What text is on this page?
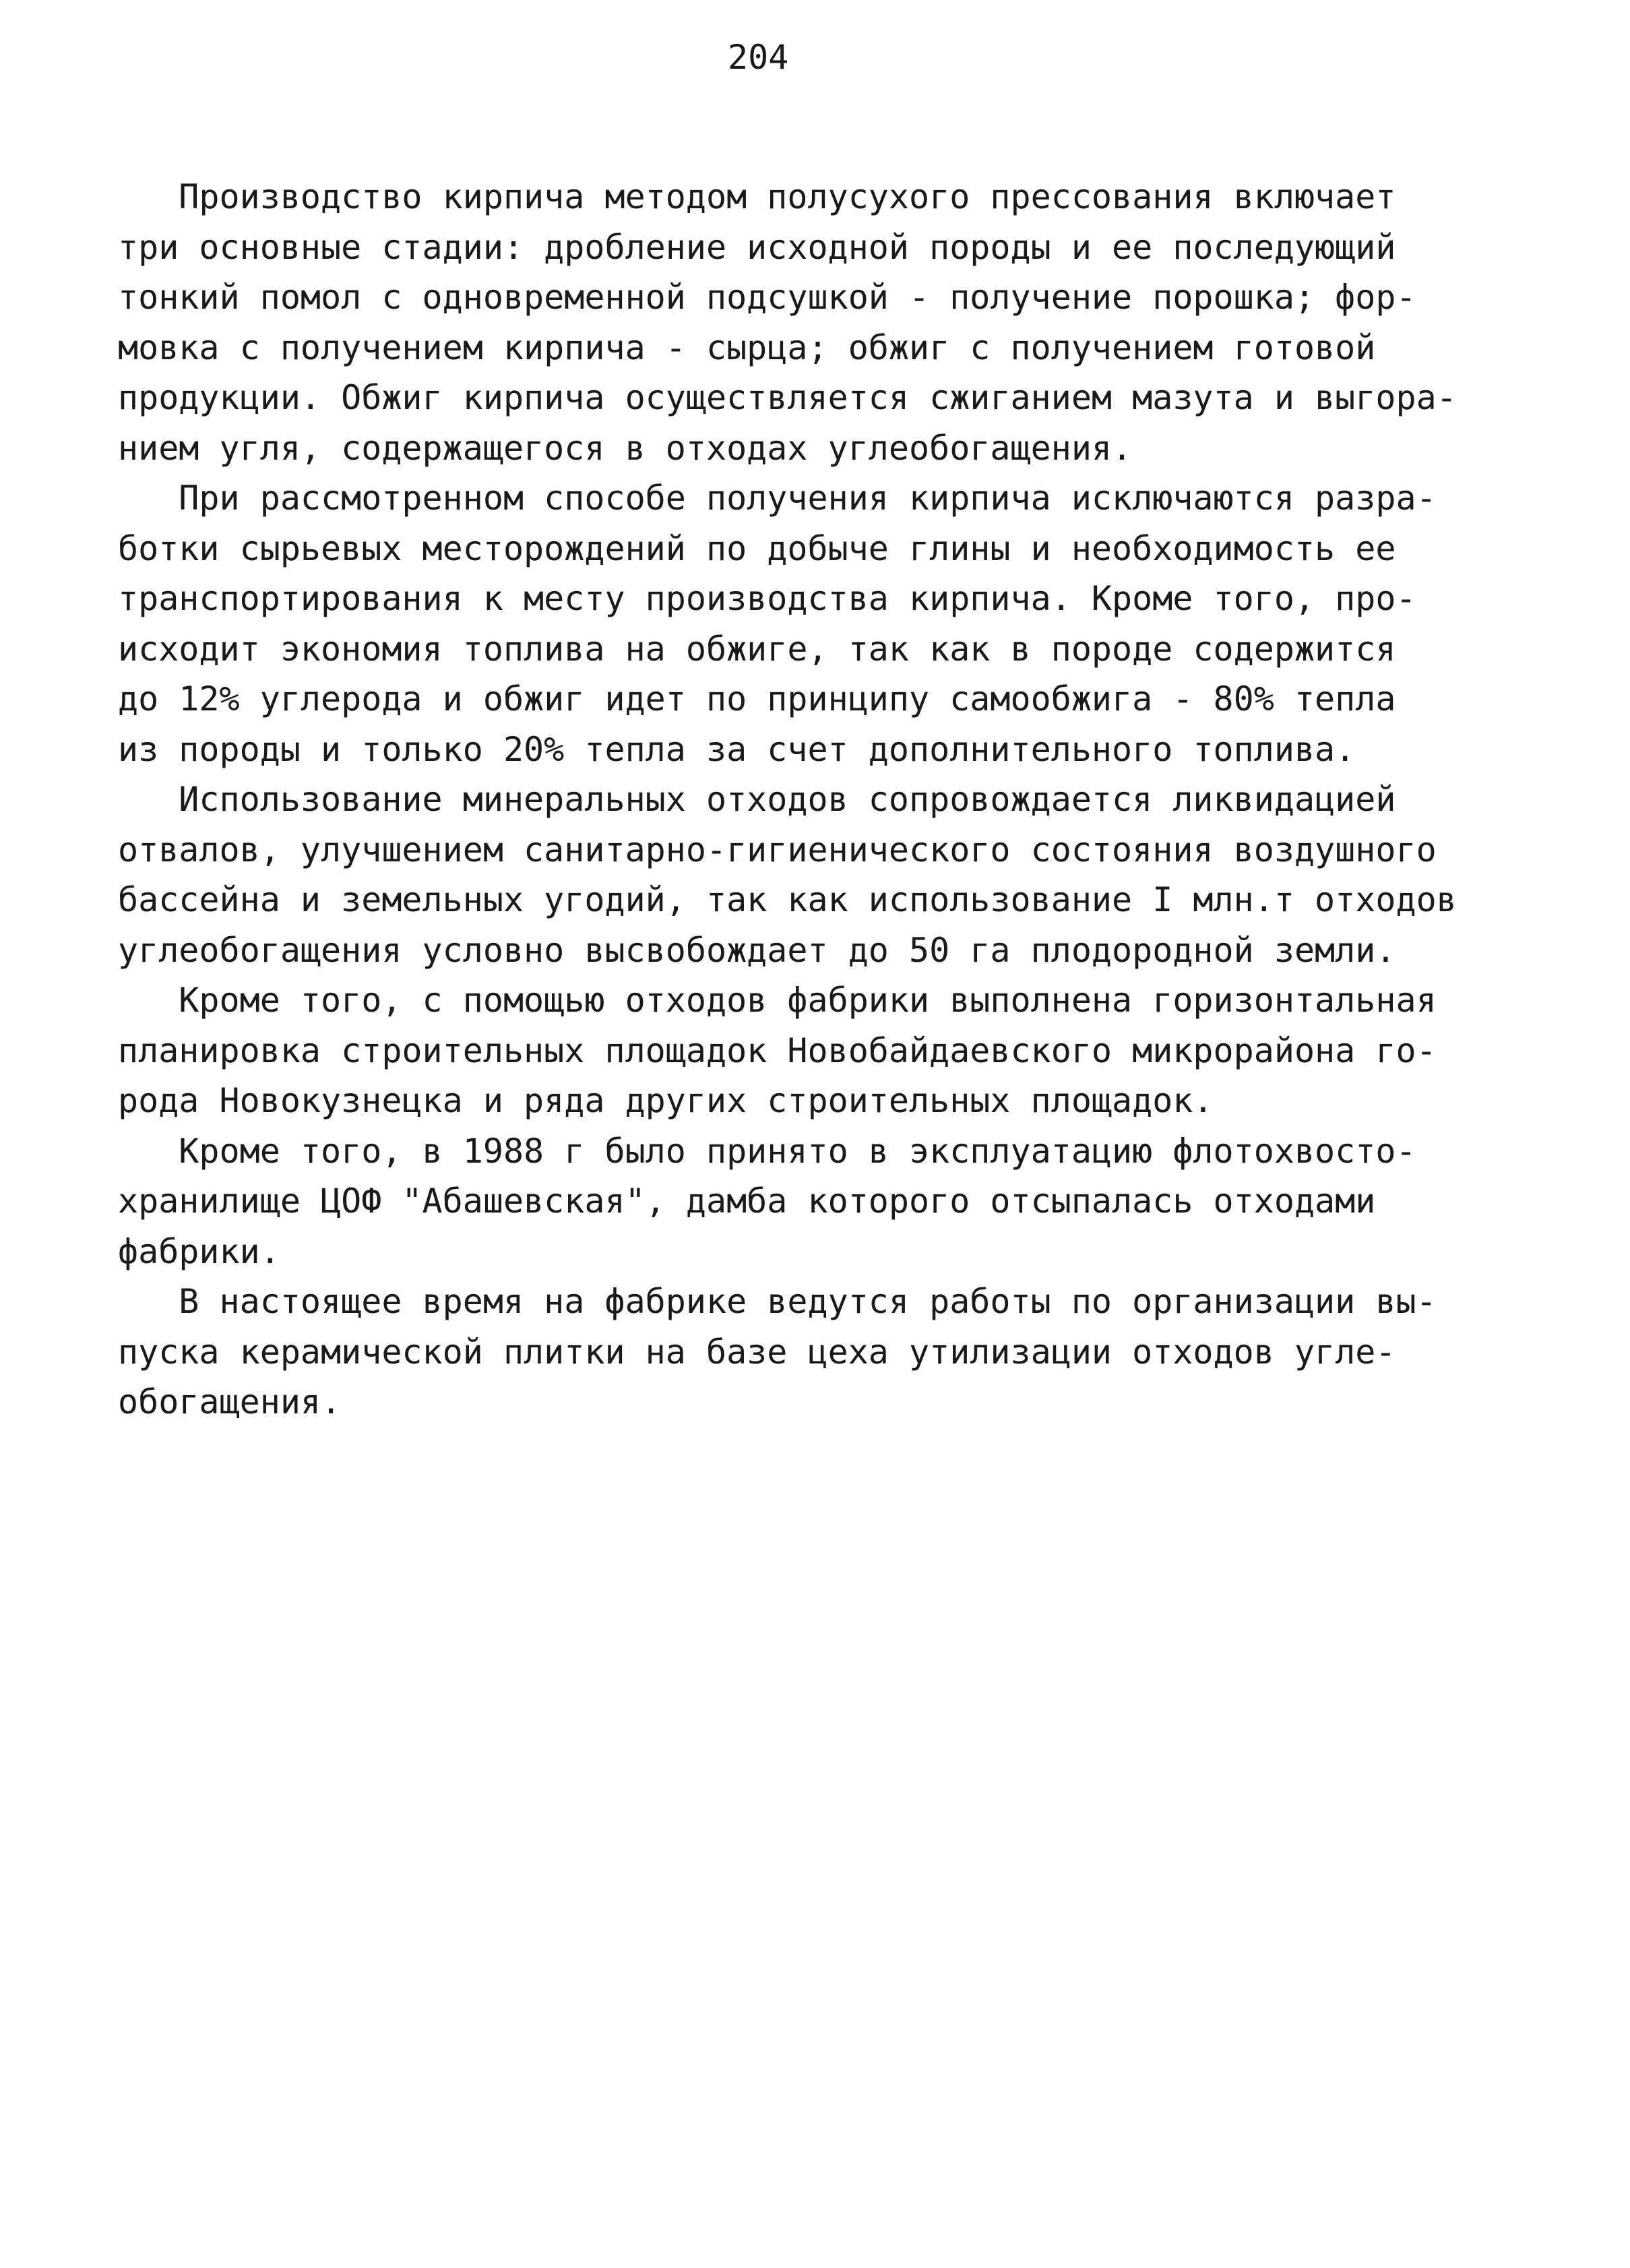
204
Производство кирпича методом полусухого прессования включает
три основные стадии: дробление исходной породы и ее последующий
тонкий помол с одновременной подсушкой - получение порошка; фор-
мовка с получением кирпича - сырца; обжиг с получением готовой
продукции. Обжиг кирпича осуществляется сжиганием мазута и выгора-
нием угля, содержащегося в отходах углеобогащения.
При рассмотренном способе получения кирпича исключаются разра-
ботки сырьевых месторождений по добыче глины и необходимость ее
транспортирования к месту производства кирпича. Кроме того, про-
исходит экономия топлива на обжиге, так как в породе содержится
до 12% углерода и обжиг идет по принципу самообжига - 80% тепла
из породы и только 20% тепла за счет дополнительного топлива.
Использование минеральных отходов сопровождается ликвидацией
отвалов, улучшением санитарно-гигиенического состояния воздушного
бассейна и земельных угодий, так как использование I млн.т отходов
углеобогащения условно высвобождает до 50 га плодородной земли.
Кроме того, с помощью отходов фабрики выполнена горизонтальная
планировка строительных площадок Новобайдаевского микрорайона го-
рода Новокузнецка и ряда других строительных площадок.
Кроме того, в 1988 г было принято в эксплуатацию флотохвосто-
хранилище ЦОФ "Абашевская", дамба которого отсыпалась отходами
фабрики.
В настоящее время на фабрике ведутся работы по организации вы-
пуска керамической плитки на базе цеха утилизации отходов угле-
обогащения.
